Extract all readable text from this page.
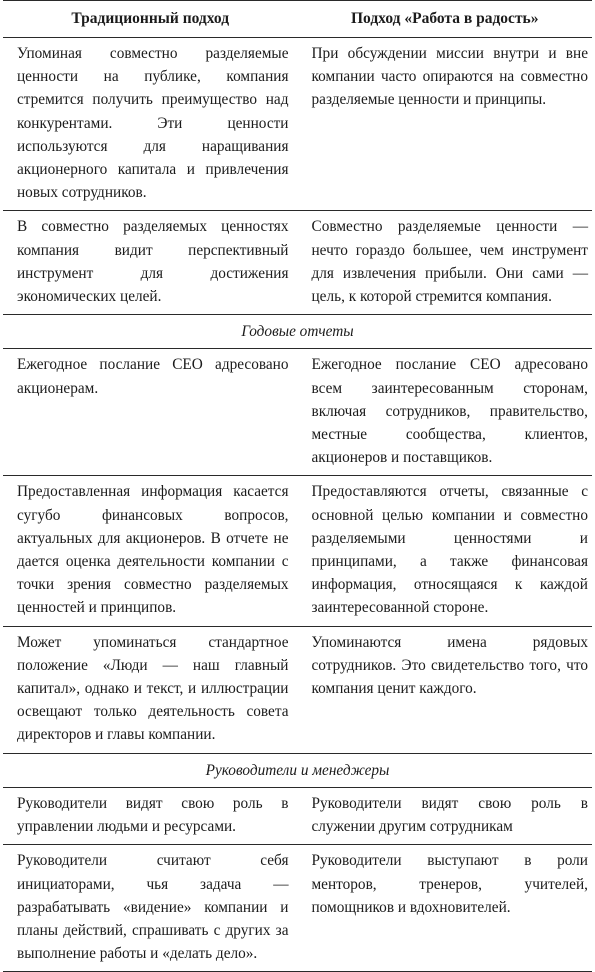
Традиционный подход	Подход «Работа в радость»
Упоминая совместно разделяемые ценности на публике, компания стремится получить преимущество над конкурентами. Эти ценности используются для наращивания акционерного капитала и привлечения новых сотрудников.	При обсуждении миссии внутри и вне компании часто опираются на совместно разделяемые ценности и принципы.
В совместно разделяемых ценностях компания видит перспективный инструмент для достижения экономических целей.	Совместно разделяемые ценности — нечто гораздо большее, чем инструмент для извлечения прибыли. Они сами — цель, к которой стремится компания.
Годовые отчеты	
Ежегодное послание CEO адресовано акционерам.	Ежегодное послание CEO адресовано всем заинтересованным сторонам, включая сотрудников, правительство, местные сообщества, клиентов, акционеров и поставщиков.
Предоставленная информация касается сугубо финансовых вопросов, актуальных для акционеров. В отчете не дается оценка деятельности компании с точки зрения совместно разделяемых ценностей и принципов.	Предоставляются отчеты, связанные с основной целью компании и совместно разделяемыми ценностями и принципами, а также финансовая информация, относящаяся к каждой заинтересованной стороне.
Может упоминаться стандартное положение «Люди — наш главный капитал», однако и текст, и иллюстрации освещают только деятельность совета директоров и главы компании.	Упоминаются имена рядовых сотрудников. Это свидетельство того, что компания ценит каждого.
Руководители и менеджеры	
Руководители видят свою роль в управлении людьми и ресурсами.	Руководители видят свою роль в служении другим сотрудникам
Руководители считают себя инициаторами, чья задача — разрабатывать «видение» компании и планы действий, спрашивать с других за выполнение работы и «делать дело».	Руководители выступают в роли менторов, тренеров, учителей, помощников и вдохновителей.
